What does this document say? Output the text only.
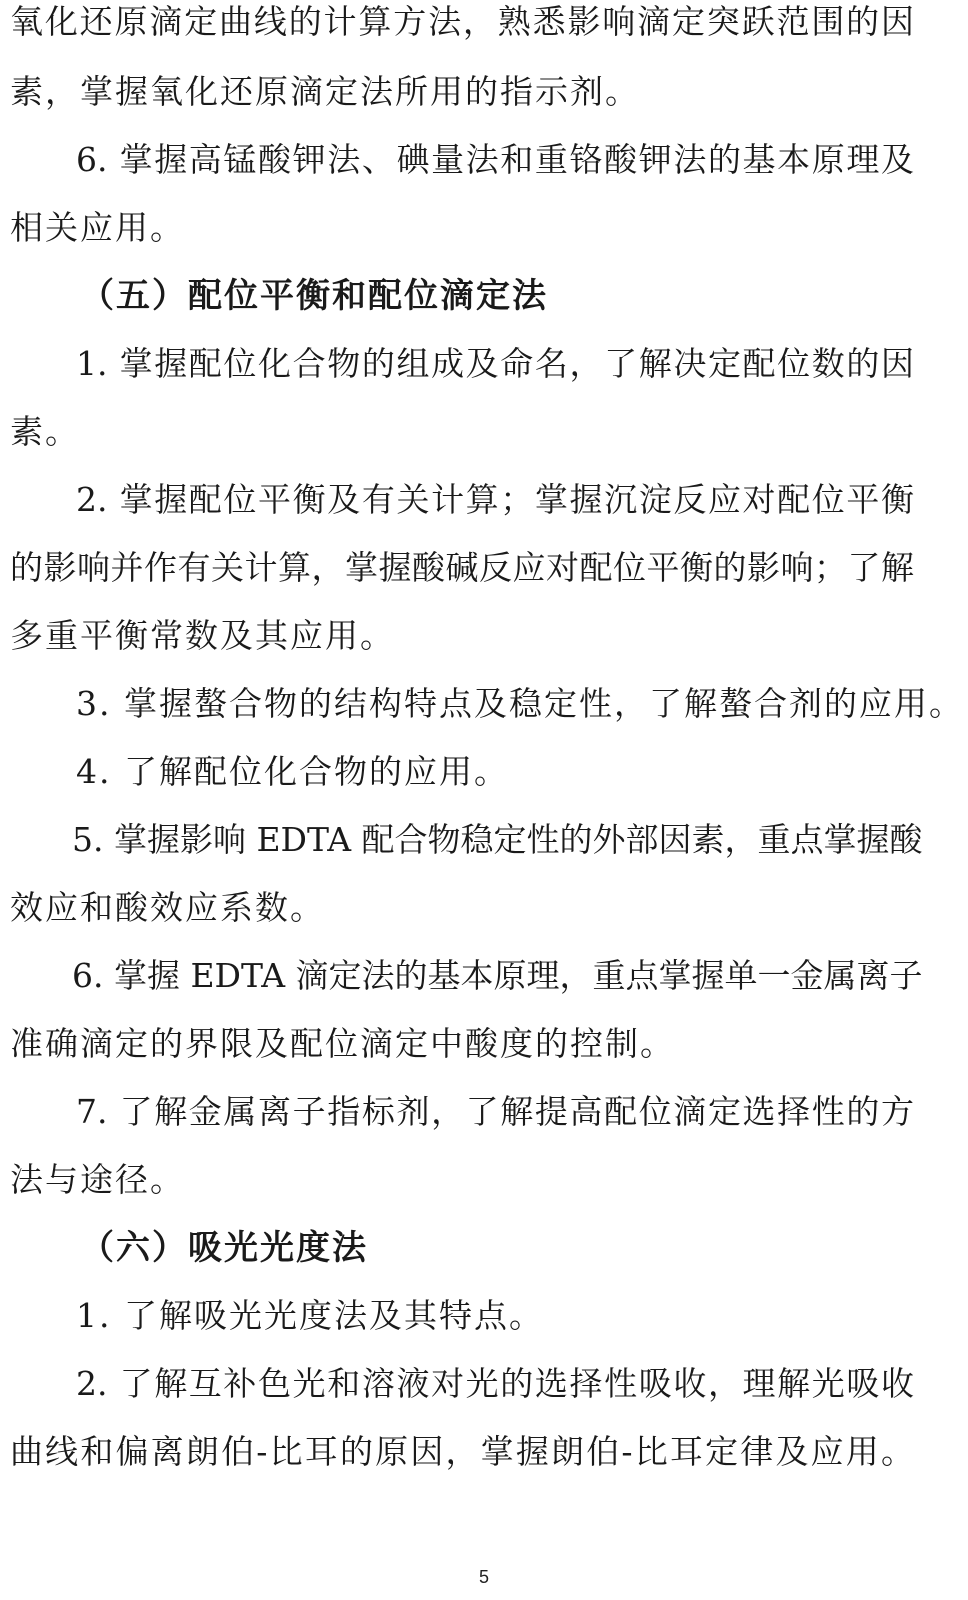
氧化还原滴定曲线的计算方法，熟悉影响滴定突跃范围的因
素，掌握氧化还原滴定法所用的指示剂。
6. 掌握高锰酸钾法、碘量法和重铬酸钾法的基本原理及
相关应用。
（五）配位平衡和配位滴定法
1. 掌握配位化合物的组成及命名，了解决定配位数的因
素。
2. 掌握配位平衡及有关计算；掌握沉淀反应对配位平衡
的影响并作有关计算，掌握酸碱反应对配位平衡的影响；了解
多重平衡常数及其应用。
3. 掌握螯合物的结构特点及稳定性，了解螯合剂的应用。
4. 了解配位化合物的应用。
5. 掌握影响 EDTA 配合物稳定性的外部因素，重点掌握酸
效应和酸效应系数。
6. 掌握 EDTA 滴定法的基本原理，重点掌握单一金属离子
准确滴定的界限及配位滴定中酸度的控制。
7. 了解金属离子指标剂，了解提高配位滴定选择性的方
法与途径。
（六）吸光光度法
1. 了解吸光光度法及其特点。
2. 了解互补色光和溶液对光的选择性吸收，理解光吸收
曲线和偏离朗伯-比耳的原因，掌握朗伯-比耳定律及应用。
5
